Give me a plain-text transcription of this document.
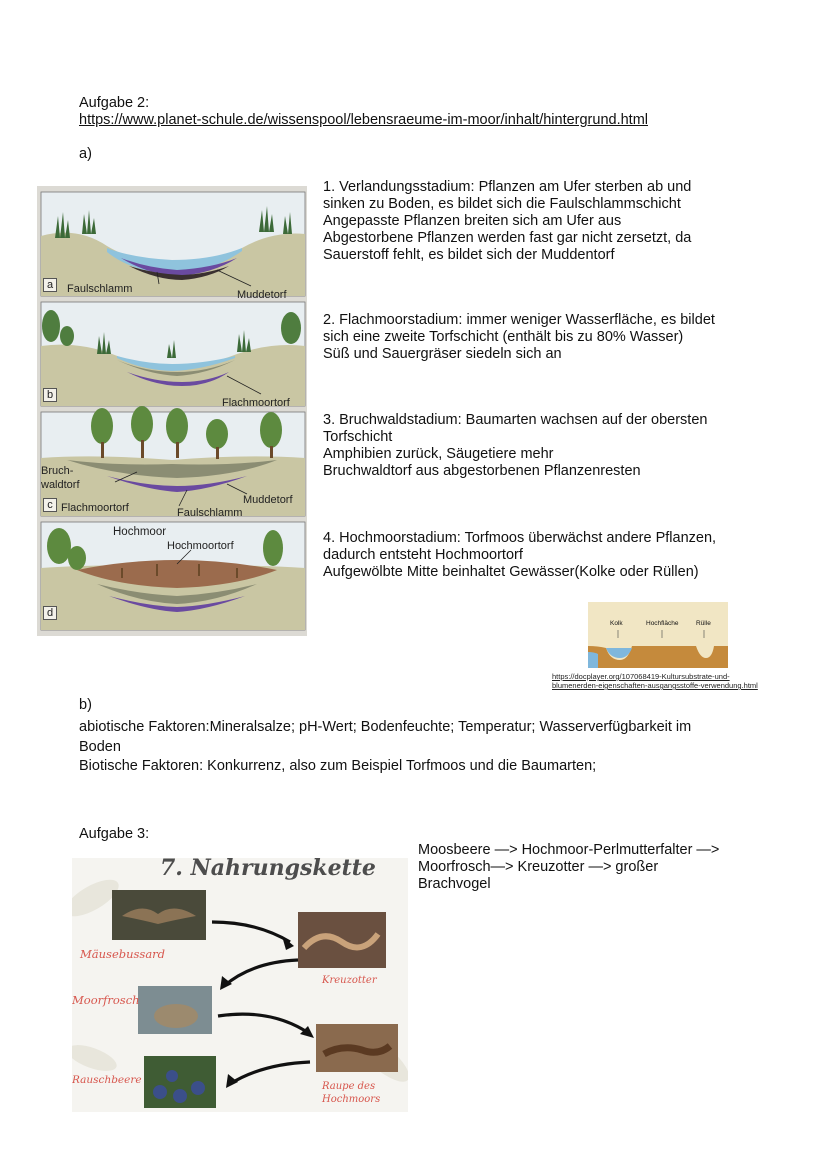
Aufgabe 2:
https://www.planet-schule.de/wissenspool/lebensraeume-im-moor/inhalt/hintergrund.html
a)
a	Faulschlamm	Muddetorf
b
Flachmoortorf
Bruch-
waldtorf
c Flachmoortorf
Muddetorf
Faulschlamm
Hochmoor
Hochmoortorf
d
1. Verlandungsstadium: Pflanzen am Ufer sterben ab und
sinken zu Boden, es bildet sich die Faulschlammschicht
Angepasste Pflanzen breiten sich am Ufer aus
Abgestorbene Pflanzen werden fast gar nicht zersetzt, da
Sauerstoff fehlt, es bildet sich der Muddentorf
2. Flachmoorstadium: immer weniger Wasserfläche, es bildet
sich eine zweite Torfschicht (enthält bis zu 80% Wasser)
Süß und Sauergräser siedeln sich an
3. Bruchwaldstadium: Baumarten wachsen auf der obersten
Torfschicht
Amphibien zurück, Säugetiere mehr
Bruchwaldtorf aus abgestorbenen Pflanzenresten
4. Hochmoorstadium: Torfmoos überwächst andere Pflanzen,
dadurch entsteht Hochmoortorf
Aufgewölbte Mitte beinhaltet Gewässer(Kolke oder Rüllen)
Kolk	Hochfläche	Rülle
https://docplayer.org/107068419-Kultursubstrate-und-
blumenerden-eigenschaften-ausgangsstoffe-verwendung.html
b)
abiotische Faktoren:Mineralsalze; pH-Wert; Bodenfeuchte; Temperatur; Wasserverfügbarkeit im
Boden
Biotische Faktoren: Konkurrenz, also zum Beispiel Torfmoos und die Baumarten;
Aufgabe 3:
Moosbeere —> Hochmoor-Perlmutterfalter —>
Moorfrosch—> Kreuzotter —> großer
Brachvogel
7. Nahrungskette
Mäusebussard
Kreuzotter
Moorfrosch
Raupe des
Hochmoors
Rauschbeere
